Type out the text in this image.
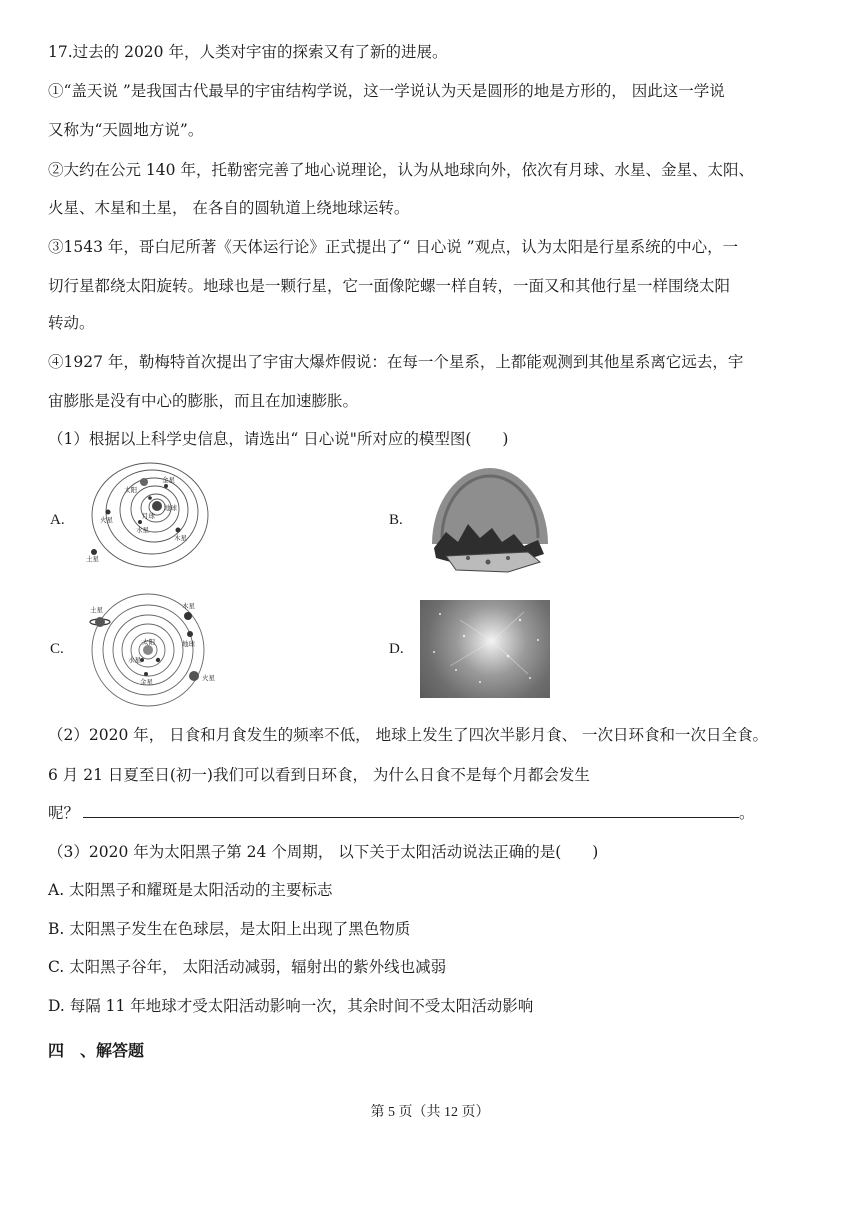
17.过去的 2020 年，人类对宇宙的探索又有了新的进展。
①“盖天说 ”是我国古代最早的宇宙结构学说，这一学说认为天是圆形的地是方形的， 因此这一学说
又称为“天圆地方说”。
②大约在公元 140 年，托勒密完善了地心说理论，认为从地球向外，依次有月球、水星、金星、太阳、
火星、木星和土星， 在各自的圆轨道上绕地球运转。
③1543 年，哥白尼所著《天体运行论》正式提出了“ 日心说 ”观点，认为太阳是行星系统的中心，一
切行星都绕太阳旋转。地球也是一颗行星，它一面像陀螺一样自转，一面又和其他行星一样围绕太阳
转动。
④1927 年，勒梅特首次提出了宇宙大爆炸假说：在每一个星系，上都能观测到其他星系离它远去，宇
宙膨胀是没有中心的膨胀，而且在加速膨胀。
（1）根据以上科学史信息，请选出“ 日心说"所对应的模型图(　　)
A.
土星
木星
火星
太阳
金星
水星
月球
地球
B.
C.
土星	木星
太阳
水星
地球
金星	火星
D.
（2）2020 年， 日食和月食发生的频率不低， 地球上发生了四次半影月食、 一次日环食和一次日全食。
6 月 21 日夏至日(初一)我们可以看到日环食， 为什么日食不是每个月都会发生
呢？	。
（3）2020 年为太阳黑子第 24 个周期， 以下关于太阳活动说法正确的是(　　)
A. 太阳黑子和耀斑是太阳活动的主要标志
B. 太阳黑子发生在色球层，是太阳上出现了黑色物质
C. 太阳黑子谷年， 太阳活动减弱，辐射出的紫外线也减弱
D. 每隔 11 年地球才受太阳活动影响一次，其余时间不受太阳活动影响
四　、解答题
第 5 页（共 12 页）
